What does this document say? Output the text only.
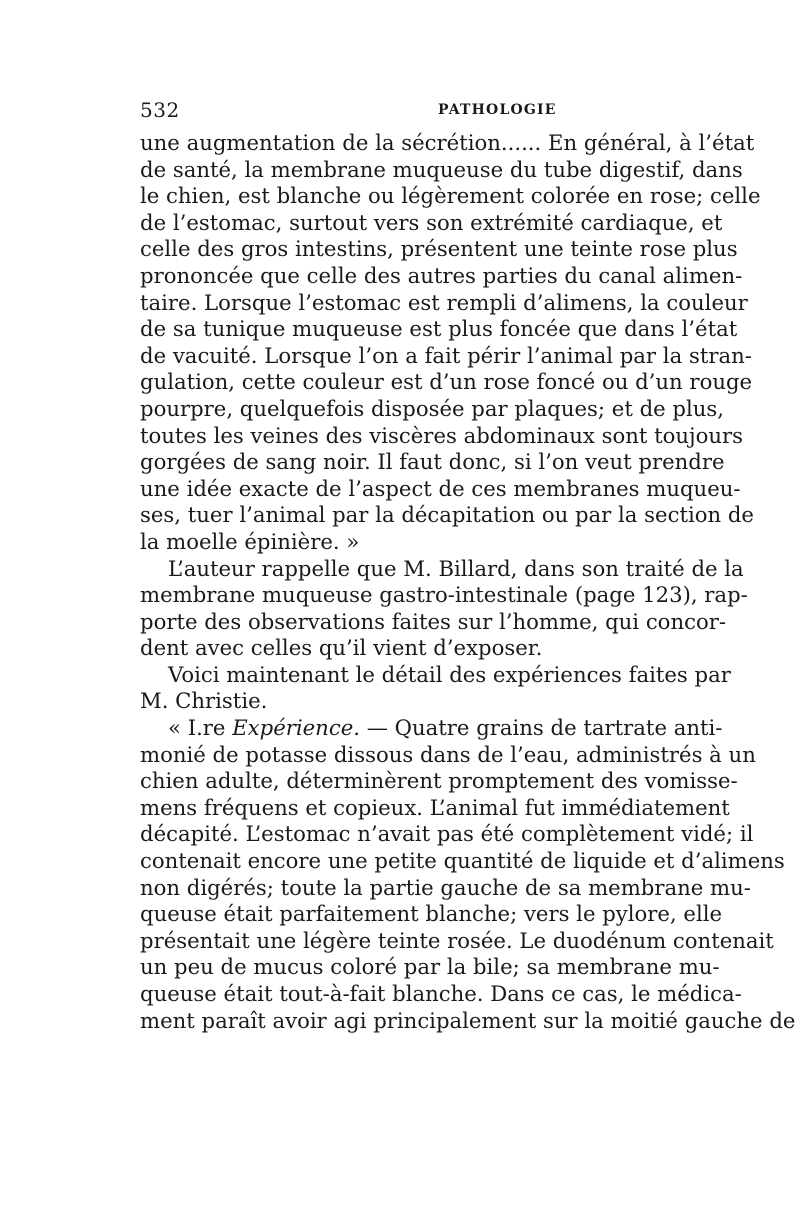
532	PATHOLOGIE
une augmentation de la sécrétion...... En général, à l’état
de santé, la membrane muqueuse du tube digestif, dans
le chien, est blanche ou légèrement colorée en rose; celle
de l’estomac, surtout vers son extrémité cardiaque, et
celle des gros intestins, présentent une teinte rose plus
prononcée que celle des autres parties du canal alimen-
taire. Lorsque l’estomac est rempli d’alimens, la couleur
de sa tunique muqueuse est plus foncée que dans l’état
de vacuité. Lorsque l’on a fait périr l’animal par la stran-
gulation, cette couleur est d’un rose foncé ou d’un rouge
pourpre, quelquefois disposée par plaques; et de plus,
toutes les veines des viscères abdominaux sont toujours
gorgées de sang noir. Il faut donc, si l’on veut prendre
une idée exacte de l’aspect de ces membranes muqueu-
ses, tuer l’animal par la décapitation ou par la section de
la moelle épinière. »
L’auteur rappelle que M. Billard, dans son traité de la
membrane muqueuse gastro-intestinale (page 123), rap-
porte des observations faites sur l’homme, qui concor-
dent avec celles qu’il vient d’exposer.
Voici maintenant le détail des expériences faites par
M. Christie.
« I.re Expérience. — Quatre grains de tartrate anti-
monié de potasse dissous dans de l’eau, administrés à un
chien adulte, déterminèrent promptement des vomisse-
mens fréquens et copieux. L’animal fut immédiatement
décapité. L’estomac n’avait pas été complètement vidé; il
contenait encore une petite quantité de liquide et d’alimens
non digérés; toute la partie gauche de sa membrane mu-
queuse était parfaitement blanche; vers le pylore, elle
présentait une légère teinte rosée. Le duodénum contenait
un peu de mucus coloré par la bile; sa membrane mu-
queuse était tout-à-fait blanche. Dans ce cas, le médica-
ment paraît avoir agi principalement sur la moitié gauche de
